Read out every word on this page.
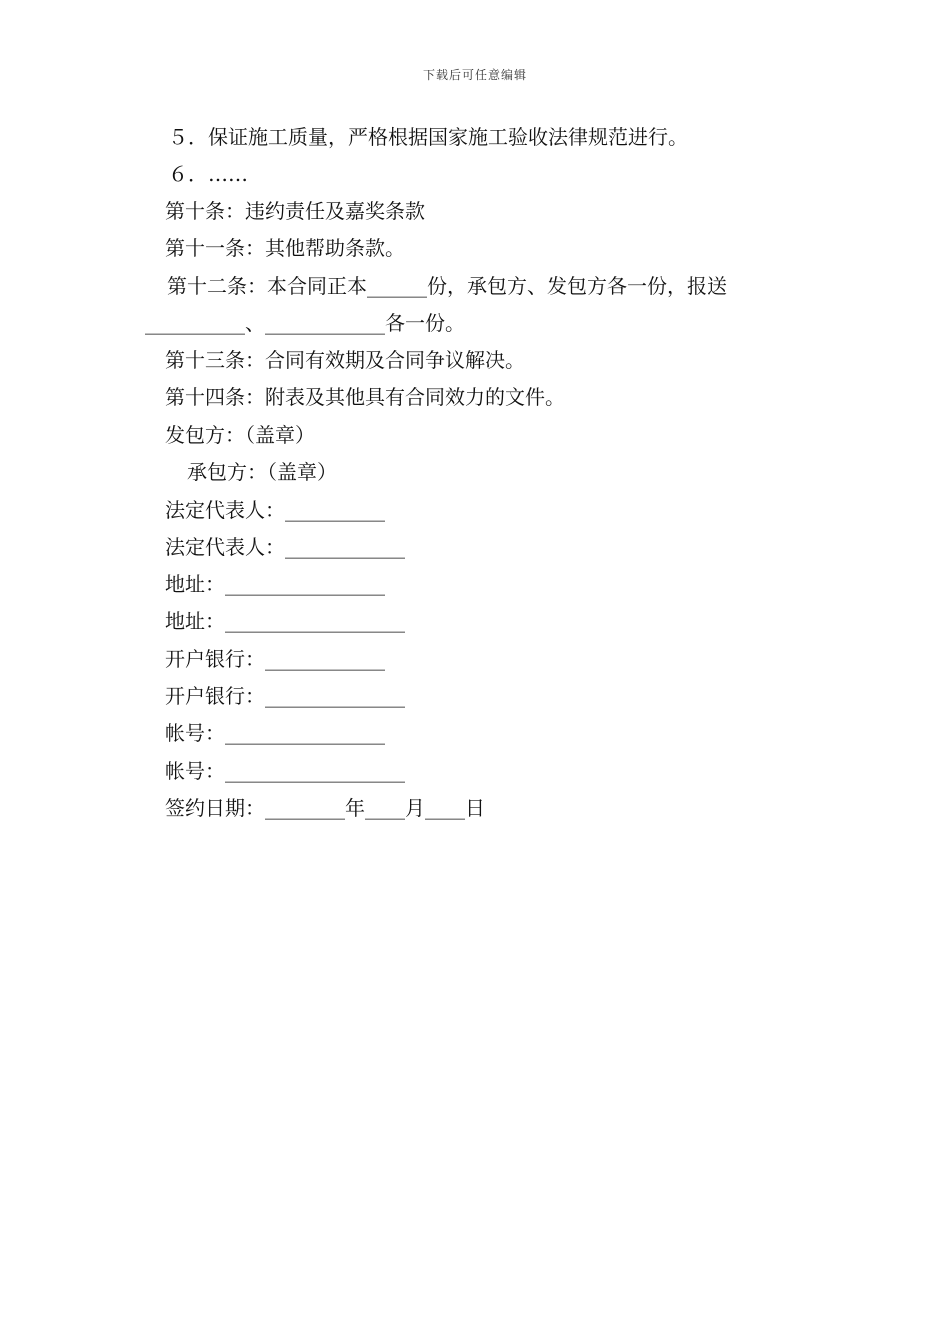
下载后可任意编辑
５．保证施工质量，严格根据国家施工验收法律规范进行。
６．……
第十条：违约责任及嘉奖条款
第十一条：其他帮助条款。
第十二条：本合同正本______份，承包方、发包方各一份，报送
__________、____________各一份。
第十三条：合同有效期及合同争议解决。
第十四条：附表及其他具有合同效力的文件。
发包方：（盖章）
承包方：（盖章）
法定代表人：__________
法定代表人：____________
地址：________________
地址：__________________
开户银行：____________
开户银行：______________
帐号：________________
帐号：__________________
签约日期：________年____月____日
